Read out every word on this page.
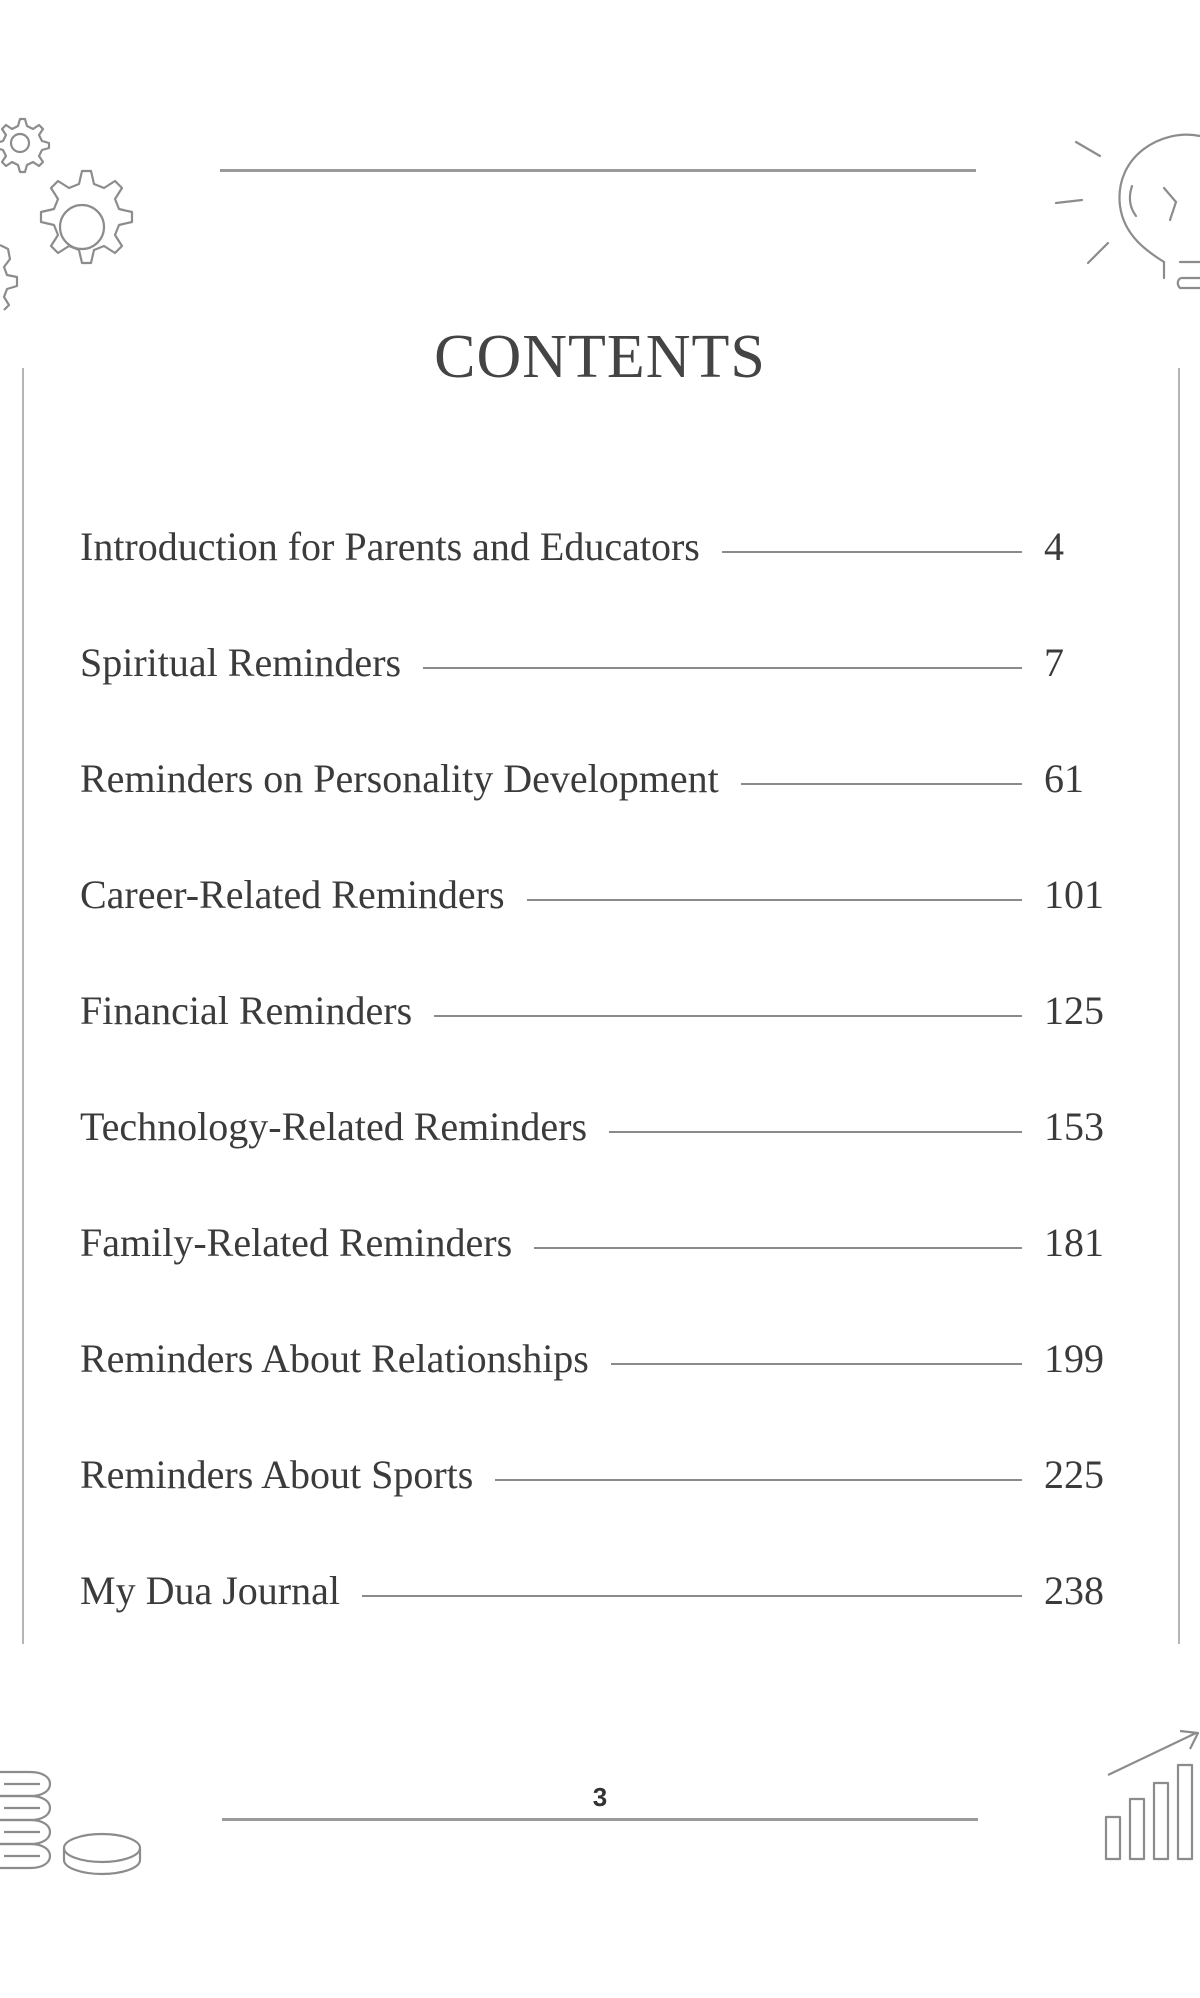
CONTENTS
Introduction for Parents and Educators	4
Spiritual Reminders	7
Reminders on Personality Development	61
Career-Related Reminders	101
Financial Reminders	125
Technology-Related Reminders	153
Family-Related Reminders	181
Reminders About Relationships	199
Reminders About Sports	225
My Dua Journal	238
3
